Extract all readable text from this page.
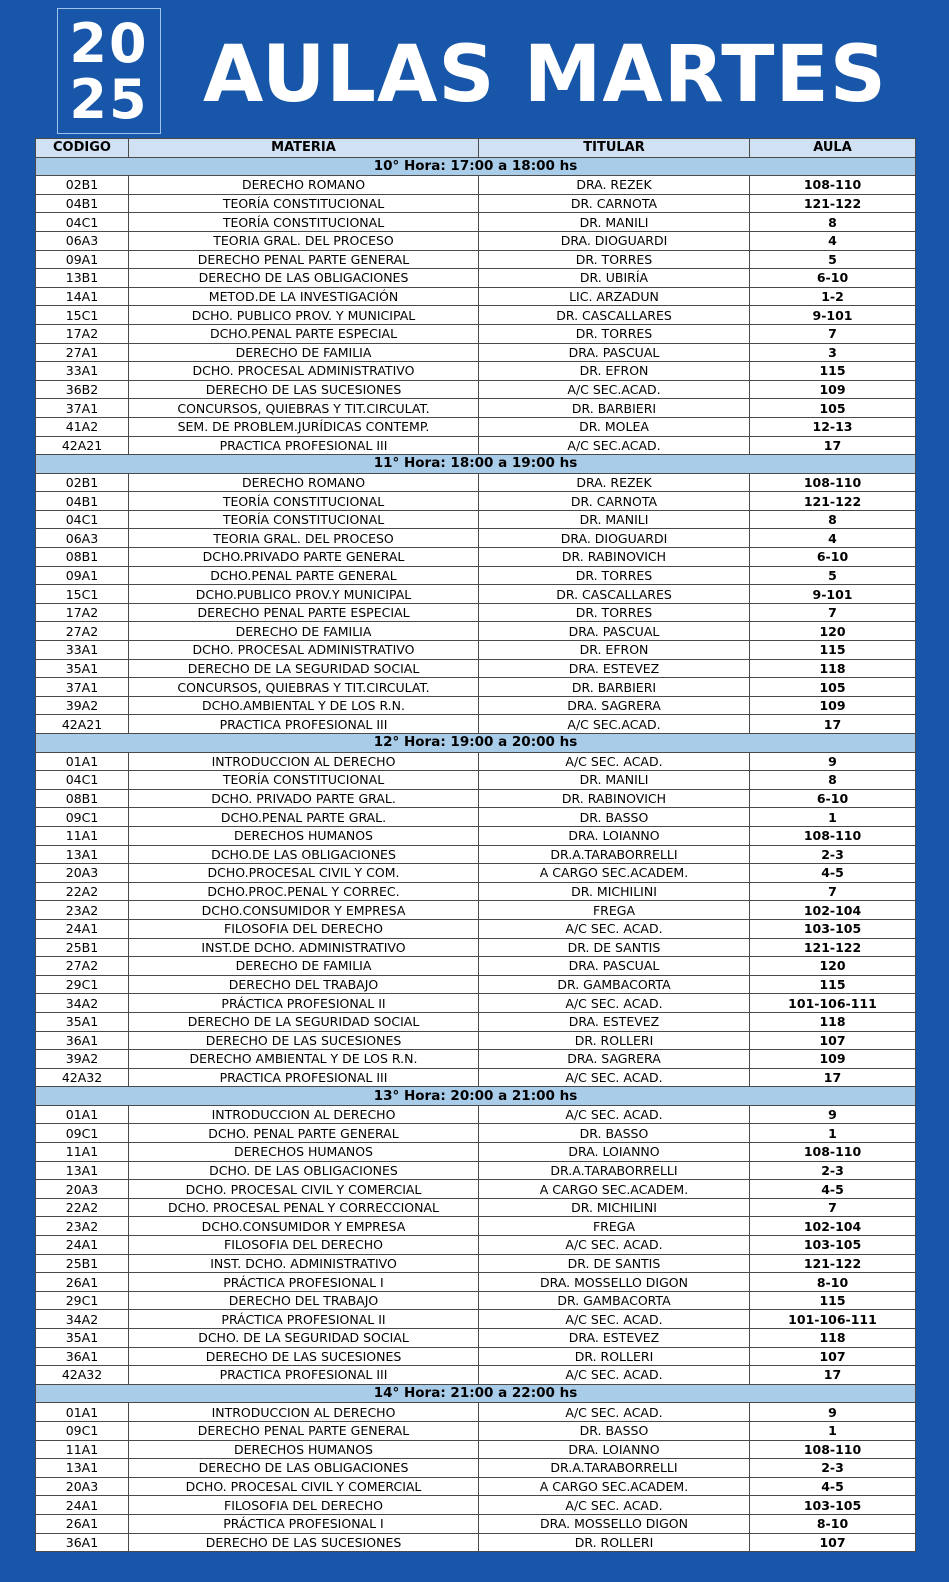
20
25 AULAS MARTES
CODIGO	MATERIA	TITULAR	AULA
10° Hora: 17:00 a 18:00 hs			
02B1	DERECHO ROMANO	DRA. REZEK	108-110
04B1	TEORÍA CONSTITUCIONAL	DR. CARNOTA	121-122
04C1	TEORÍA CONSTITUCIONAL	DR. MANILI	8
06A3	TEORIA GRAL. DEL PROCESO	DRA. DIOGUARDI	4
09A1	DERECHO PENAL PARTE GENERAL	DR. TORRES	5
13B1	DERECHO DE LAS OBLIGACIONES	DR. UBIRÍA	6-10
14A1	METOD.DE LA INVESTIGACIÓN	LIC. ARZADUN	1-2
15C1	DCHO. PUBLICO PROV. Y MUNICIPAL	DR. CASCALLARES	9-101
17A2	DCHO.PENAL PARTE ESPECIAL	DR. TORRES	7
27A1	DERECHO DE FAMILIA	DRA. PASCUAL	3
33A1	DCHO. PROCESAL ADMINISTRATIVO	DR. EFRON	115
36B2	DERECHO DE LAS SUCESIONES	A/C SEC.ACAD.	109
37A1	CONCURSOS, QUIEBRAS Y TIT.CIRCULAT.	DR. BARBIERI	105
41A2	SEM. DE PROBLEM.JURÍDICAS CONTEMP.	DR. MOLEA	12-13
42A21	PRACTICA PROFESIONAL III	A/C SEC.ACAD.	17
11° Hora: 18:00 a 19:00 hs			
02B1	DERECHO ROMANO	DRA. REZEK	108-110
04B1	TEORÍA CONSTITUCIONAL	DR. CARNOTA	121-122
04C1	TEORÍA CONSTITUCIONAL	DR. MANILI	8
06A3	TEORIA GRAL. DEL PROCESO	DRA. DIOGUARDI	4
08B1	DCHO.PRIVADO PARTE GENERAL	DR. RABINOVICH	6-10
09A1	DCHO.PENAL PARTE GENERAL	DR. TORRES	5
15C1	DCHO.PUBLICO PROV.Y MUNICIPAL	DR. CASCALLARES	9-101
17A2	DERECHO PENAL PARTE ESPECIAL	DR. TORRES	7
27A2	DERECHO DE FAMILIA	DRA. PASCUAL	120
33A1	DCHO. PROCESAL ADMINISTRATIVO	DR. EFRON	115
35A1	DERECHO DE LA SEGURIDAD SOCIAL	DRA. ESTEVEZ	118
37A1	CONCURSOS, QUIEBRAS Y TIT.CIRCULAT.	DR. BARBIERI	105
39A2	DCHO.AMBIENTAL Y DE LOS R.N.	DRA. SAGRERA	109
42A21	PRACTICA PROFESIONAL III	A/C SEC.ACAD.	17
12° Hora: 19:00 a 20:00 hs			
01A1	INTRODUCCION AL DERECHO	A/C SEC. ACAD.	9
04C1	TEORÍA CONSTITUCIONAL	DR. MANILI	8
08B1	DCHO. PRIVADO PARTE GRAL.	DR. RABINOVICH	6-10
09C1	DCHO.PENAL PARTE GRAL.	DR. BASSO	1
11A1	DERECHOS HUMANOS	DRA. LOIANNO	108-110
13A1	DCHO.DE LAS OBLIGACIONES	DR.A.TARABORRELLI	2-3
20A3	DCHO.PROCESAL CIVIL Y COM.	A CARGO SEC.ACADEM.	4-5
22A2	DCHO.PROC.PENAL Y CORREC.	DR. MICHILINI	7
23A2	DCHO.CONSUMIDOR Y EMPRESA	FREGA	102-104
24A1	FILOSOFIA DEL DERECHO	A/C SEC. ACAD.	103-105
25B1	INST.DE DCHO. ADMINISTRATIVO	DR. DE SANTIS	121-122
27A2	DERECHO DE FAMILIA	DRA. PASCUAL	120
29C1	DERECHO DEL TRABAJO	DR. GAMBACORTA	115
34A2	PRÁCTICA PROFESIONAL II	A/C SEC. ACAD.	101-106-111
35A1	DERECHO DE LA SEGURIDAD SOCIAL	DRA. ESTEVEZ	118
36A1	DERECHO DE LAS SUCESIONES	DR. ROLLERI	107
39A2	DERECHO AMBIENTAL Y DE LOS R.N.	DRA. SAGRERA	109
42A32	PRACTICA PROFESIONAL III	A/C SEC. ACAD.	17
13° Hora: 20:00 a 21:00 hs			
01A1	INTRODUCCION AL DERECHO	A/C SEC. ACAD.	9
09C1	DCHO. PENAL PARTE GENERAL	DR. BASSO	1
11A1	DERECHOS HUMANOS	DRA. LOIANNO	108-110
13A1	DCHO. DE LAS OBLIGACIONES	DR.A.TARABORRELLI	2-3
20A3	DCHO. PROCESAL CIVIL Y COMERCIAL	A CARGO SEC.ACADEM.	4-5
22A2	DCHO. PROCESAL PENAL Y CORRECCIONAL	DR. MICHILINI	7
23A2	DCHO.CONSUMIDOR Y EMPRESA	FREGA	102-104
24A1	FILOSOFIA DEL DERECHO	A/C SEC. ACAD.	103-105
25B1	INST. DCHO. ADMINISTRATIVO	DR. DE SANTIS	121-122
26A1	PRÁCTICA PROFESIONAL I	DRA. MOSSELLO DIGON	8-10
29C1	DERECHO DEL TRABAJO	DR. GAMBACORTA	115
34A2	PRÁCTICA PROFESIONAL II	A/C SEC. ACAD.	101-106-111
35A1	DCHO. DE LA SEGURIDAD SOCIAL	DRA. ESTEVEZ	118
36A1	DERECHO DE LAS SUCESIONES	DR. ROLLERI	107
42A32	PRACTICA PROFESIONAL III	A/C SEC. ACAD.	17
14° Hora: 21:00 a 22:00 hs			
01A1	INTRODUCCION AL DERECHO	A/C SEC. ACAD.	9
09C1	DERECHO PENAL PARTE GENERAL	DR. BASSO	1
11A1	DERECHOS HUMANOS	DRA. LOIANNO	108-110
13A1	DERECHO DE LAS OBLIGACIONES	DR.A.TARABORRELLI	2-3
20A3	DCHO. PROCESAL CIVIL Y COMERCIAL	A CARGO SEC.ACADEM.	4-5
24A1	FILOSOFIA DEL DERECHO	A/C SEC. ACAD.	103-105
26A1	PRÁCTICA PROFESIONAL I	DRA. MOSSELLO DIGON	8-10
36A1	DERECHO DE LAS SUCESIONES	DR. ROLLERI	107
